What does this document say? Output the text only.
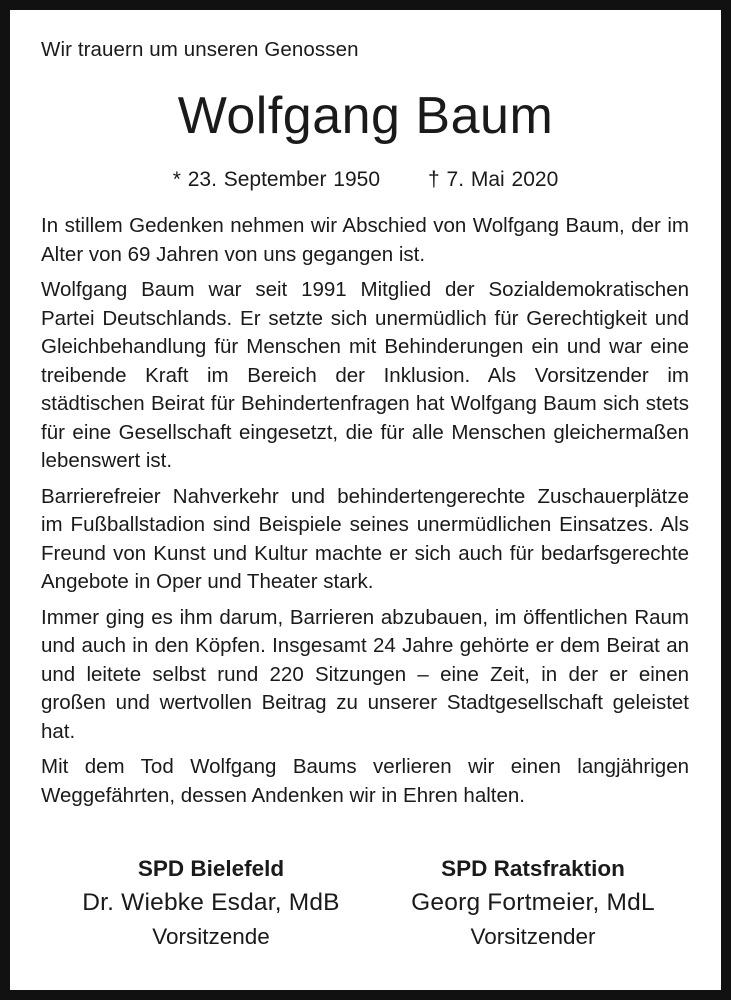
Wir trauern um unseren Genossen
Wolfgang Baum
* 23. September 1950 † 7. Mai 2020

In stillem Gedenken nehmen wir Abschied von Wolfgang Baum, der im Alter von 69 Jahren von uns gegangen ist.

Wolfgang Baum war seit 1991 Mitglied der Sozialdemokratischen Partei Deutschlands. Er setzte sich unermüdlich für Gerechtigkeit und Gleichbehandlung für Menschen mit Behinderungen ein und war eine treibende Kraft im Bereich der Inklusion. Als Vorsitzender im städtischen Beirat für Behindertenfragen hat Wolfgang Baum sich stets für eine Gesellschaft eingesetzt, die für alle Menschen gleichermaßen lebenswert ist.

Barrierefreier Nahverkehr und behindertengerechte Zuschauerplätze im Fußballstadion sind Beispiele seines unermüdlichen Einsatzes. Als Freund von Kunst und Kultur machte er sich auch für bedarfsgerechte Angebote in Oper und Theater stark.

Immer ging es ihm darum, Barrieren abzubauen, im öffentlichen Raum und auch in den Köpfen. Insgesamt 24 Jahre gehörte er dem Beirat an und leitete selbst rund 220 Sitzungen – eine Zeit, in der er einen großen und wertvollen Beitrag zu unserer Stadtgesellschaft geleistet hat.

Mit dem Tod Wolfgang Baums verlieren wir einen langjährigen Weggefährten, dessen Andenken wir in Ehren halten.

SPD Bielefeld
Dr. Wiebke Esdar, MdB
Vorsitzende
SPD Ratsfraktion
Georg Fortmeier, MdL
Vorsitzender
